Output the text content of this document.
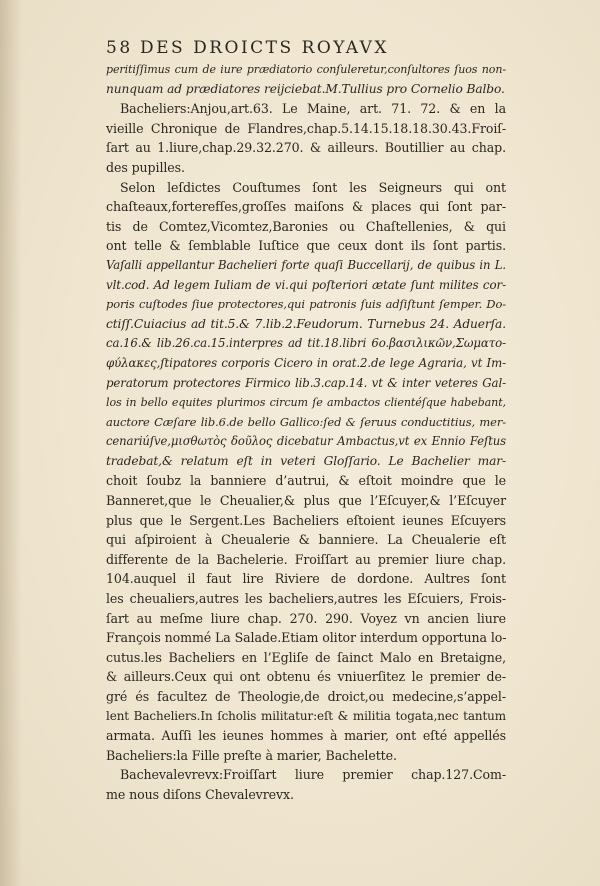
58 DES DROICTS ROYAVX
peritiſſimus cum de iure prædiatorio conſuleretur,conſultores ſuos non-
nunquam ad prædiatores reijciebat.M.Tullius pro Cornelio Balbo.
Bacheliers:Anjou,art.63. Le Maine, art. 71. 72. & en la
vieille Chronique de Flandres,chap.5.14.15.18.18.30.43.Froiſ-
ſart au 1.liure,chap.29.32.270. & ailleurs. Boutillier au chap.
des pupilles.
Selon leſdictes Couſtumes ſont les Seigneurs qui ont
chaſteaux,forterefſes,groſſes maiſons & places qui ſont par-
tis de Comtez,Vicomtez,Baronies ou Chaſtellenies, & qui
ont telle & ſemblable Iuſtice que ceux dont ils ſont partis.
Vaſalli appellantur Bachelieri forte quaſi Buccellarij, de quibus in L.
vlt.cod. Ad legem Iuliam de vi.qui poſteriori ætate ſunt milites cor-
poris cuſtodes ſiue protectores,qui patronis ſuis adſiſtunt ſemper. Do-
ctiſſ.Cuiacius ad tit.5.& 7.lib.2.Feudorum. Turnebus 24. Aduerſa.
ca.16.& lib.26.ca.15.interpres ad tit.18.libri 6o.βασιλικῶν,Σωματο-
φύλακες,ſtipatores corporis Cicero in orat.2.de lege Agraria, vt Im-
peratorum protectores Firmico lib.3.cap.14. vt & inter veteres Gal-
los in bello equites plurimos circum ſe ambactos clientéſque habebant,
auctore Cæſare lib.6.de bello Gallico:ſed & ſeruus conductitius, mer-
cenariúſve,μισθωτὸς δοῦλος dicebatur Ambactus,vt ex Ennio Feſtus
tradebat,& relatum eſt in veteri Gloſſario. Le Bachelier mar-
choit ſoubz la banniere d’autrui, & eſtoit moindre que le
Banneret,que le Cheualier,& plus que l’Eſcuyer,& l’Eſcuyer
plus que le Sergent.Les Bacheliers eſtoient ieunes Eſcuyers
qui aſpiroient à Cheualerie & banniere. La Cheualerie eſt
differente de la Bachelerie. Froiſſart au premier liure chap.
104.auquel il faut lire Riviere de dordone. Aultres ſont
les cheualiers,autres les bacheliers,autres les Eſcuiers, Frois-
ſart au meſme liure chap. 270. 290. Voyez vn ancien liure
François nommé La Salade.Etiam olitor interdum opportuna lo-
cutus.les Bacheliers en l’Egliſe de ſainct Malo en Bretaigne,
& ailleurs.Ceux qui ont obtenu és vniuerſitez le premier de-
gré és facultez de Theologie,de droict,ou medecine,s’appel-
lent Bacheliers.In ſcholis militatur:eſt & militia togata,nec tantum
armata. Auſſi les ieunes hommes à marier, ont eſté appellés
Bacheliers:la Fille preſte à marier, Bachelette.
Bachevalevrevx:Froiſſart liure premier chap.127.Com-
me nous diſons Chevalevrevx.
